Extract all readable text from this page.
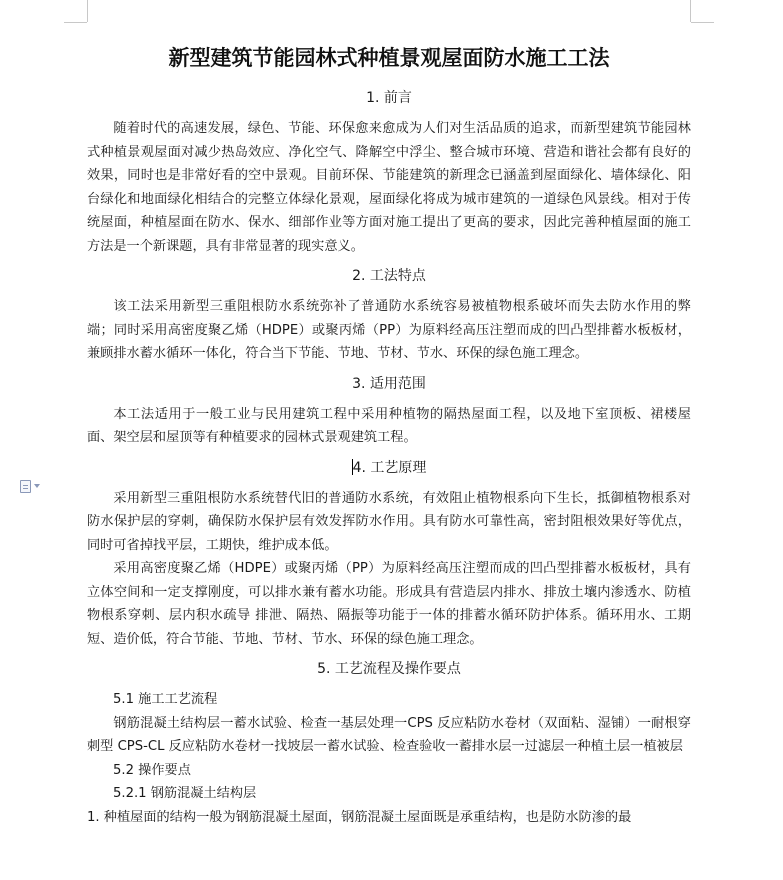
新型建筑节能园林式种植景观屋面防水施工工法
1. 前言

随着时代的高速发展，绿色、节能、环保愈来愈成为人们对生活品质的追求，而新型建筑节能园林式种植景观屋面对减少热岛效应、净化空气、降解空中浮尘、整合城市环境、营造和谐社会都有良好的效果，同时也是非常好看的空中景观。目前环保、节能建筑的新理念已涵盖到屋面绿化、墙体绿化、阳台绿化和地面绿化相结合的完整立体绿化景观，屋面绿化将成为城市建筑的一道绿色风景线。相对于传统屋面，种植屋面在防水、保水、细部作业等方面对施工提出了更高的要求，因此完善种植屋面的施工方法是一个新课题，具有非常显著的现实意义。

2. 工法特点

该工法采用新型三重阻根防水系统弥补了普通防水系统容易被植物根系破坏而失去防水作用的弊端；同时采用高密度聚乙烯（HDPE）或聚丙烯（PP）为原料经高压注塑而成的凹凸型排蓄水板板材，兼顾排水蓄水循环一体化，符合当下节能、节地、节材、节水、环保的绿色施工理念。

3. 适用范围

本工法适用于一般工业与民用建筑工程中采用种植物的隔热屋面工程，以及地下室顶板、裙楼屋面、架空层和屋顶等有种植要求的园林式景观建筑工程。

4. 工艺原理

采用新型三重阻根防水系统替代旧的普通防水系统，有效阻止植物根系向下生长，抵御植物根系对防水保护层的穿刺，确保防水保护层有效发挥防水作用。具有防水可靠性高，密封阻根效果好等优点，同时可省掉找平层，工期快，维护成本低。

采用高密度聚乙烯（HDPE）或聚丙烯（PP）为原料经高压注塑而成的凹凸型排蓄水板板材，具有立体空间和一定支撑刚度，可以排水兼有蓄水功能。形成具有营造层内排水、排放土壤内渗透水、防植物根系穿刺、层内积水疏导 排泄、隔热、隔振等功能于一体的排蓄水循环防护体系。循环用水、工期短、造价低，符合节能、节地、节材、节水、环保的绿色施工理念。

5. 工艺流程及操作要点

5.1 施工工艺流程

钢筋混凝土结构层一蓄水试验、检查一基层处理一CPS 反应粘防水卷材（双面粘、湿铺）一耐根穿刺型 CPS-CL 反应粘防水卷材一找坡层一蓄水试验、检查验收一蓄排水层一过滤层一种植土层一植被层

5.2 操作要点

5.2.1 钢筋混凝土结构层

1. 种植屋面的结构一般为钢筋混凝土屋面，钢筋混凝土屋面既是承重结构，也是防水防渗的最
